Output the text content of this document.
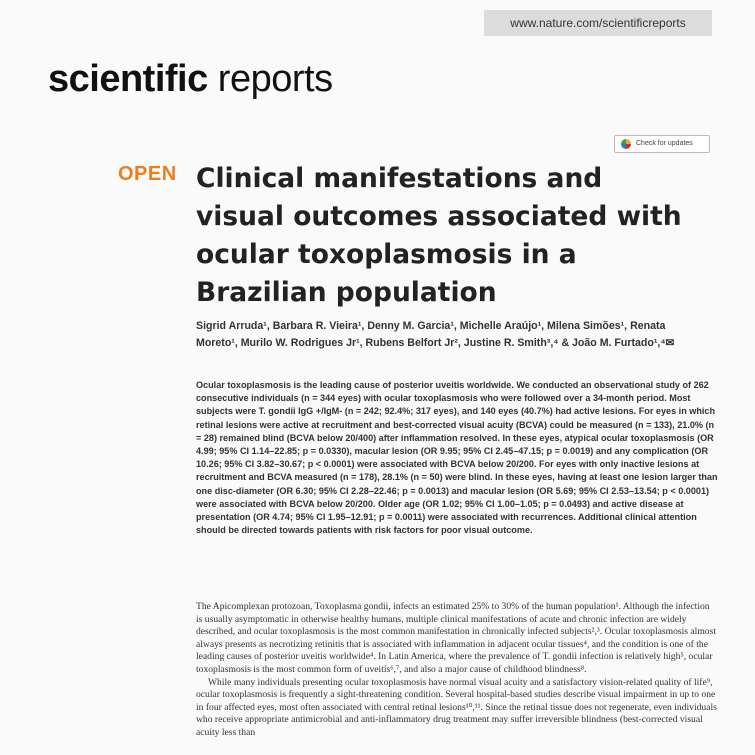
www.nature.com/scientificreports
scientific reports
Check for updates
OPEN Clinical manifestations and visual outcomes associated with ocular toxoplasmosis in a Brazilian population

Sigrid Arruda¹, Barbara R. Vieira¹, Denny M. Garcia¹, Michelle Araújo¹, Milena Simões¹, Renata Moreto¹, Murilo W. Rodrigues Jr¹, Rubens Belfort Jr², Justine R. Smith³,⁴ & João M. Furtado¹,⁴✉

Ocular toxoplasmosis is the leading cause of posterior uveitis worldwide. We conducted an observational study of 262 consecutive individuals (n = 344 eyes) with ocular toxoplasmosis who were followed over a 34-month period. Most subjects were T. gondii IgG +/IgM- (n = 242; 92.4%; 317 eyes), and 140 eyes (40.7%) had active lesions. For eyes in which retinal lesions were active at recruitment and best-corrected visual acuity (BCVA) could be measured (n = 133), 21.0% (n = 28) remained blind (BCVA below 20/400) after inflammation resolved. In these eyes, atypical ocular toxoplasmosis (OR 4.99; 95% CI 1.14–22.85; p = 0.0330), macular lesion (OR 9.95; 95% CI 2.45–47.15; p = 0.0019) and any complication (OR 10.26; 95% CI 3.82–30.67; p < 0.0001) were associated with BCVA below 20/200. For eyes with only inactive lesions at recruitment and BCVA measured (n = 178), 28.1% (n = 50) were blind. In these eyes, having at least one lesion larger than one disc-diameter (OR 6.30; 95% CI 2.28–22.46; p = 0.0013) and macular lesion (OR 5.69; 95% CI 2.53–13.54; p < 0.0001) were associated with BCVA below 20/200. Older age (OR 1.02; 95% CI 1.00–1.05; p = 0.0493) and active disease at presentation (OR 4.74; 95% CI 1.95–12.91; p = 0.0011) were associated with recurrences. Additional clinical attention should be directed towards patients with risk factors for poor visual outcome.

The Apicomplexan protozoan, Toxoplasma gondii, infects an estimated 25% to 30% of the human population¹. Although the infection is usually asymptomatic in otherwise healthy humans, multiple clinical manifestations of acute and chronic infection are widely described, and ocular toxoplasmosis is the most common manifestation in chronically infected subjects²,³. Ocular toxoplasmosis almost always presents as necrotizing retinitis that is associated with inflammation in adjacent ocular tissues⁴, and the condition is one of the leading causes of posterior uveitis worldwide⁴. In Latin America, where the prevalence of T. gondii infection is relatively high⁵, ocular toxoplasmosis is the most common form of uveitis⁶,⁷, and also a major cause of childhood blindness⁸.

While many individuals presenting ocular toxoplasmosis have normal visual acuity and a satisfactory vision-related quality of life⁹, ocular toxoplasmosis is frequently a sight-threatening condition. Several hospital-based studies describe visual impairment in up to one in four affected eyes, most often associated with central retinal lesions¹⁰,¹¹. Since the retinal tissue does not regenerate, even individuals who receive appropriate antimicrobial and anti-inflammatory drug treatment may suffer irreversible blindness (best-corrected visual acuity less than
